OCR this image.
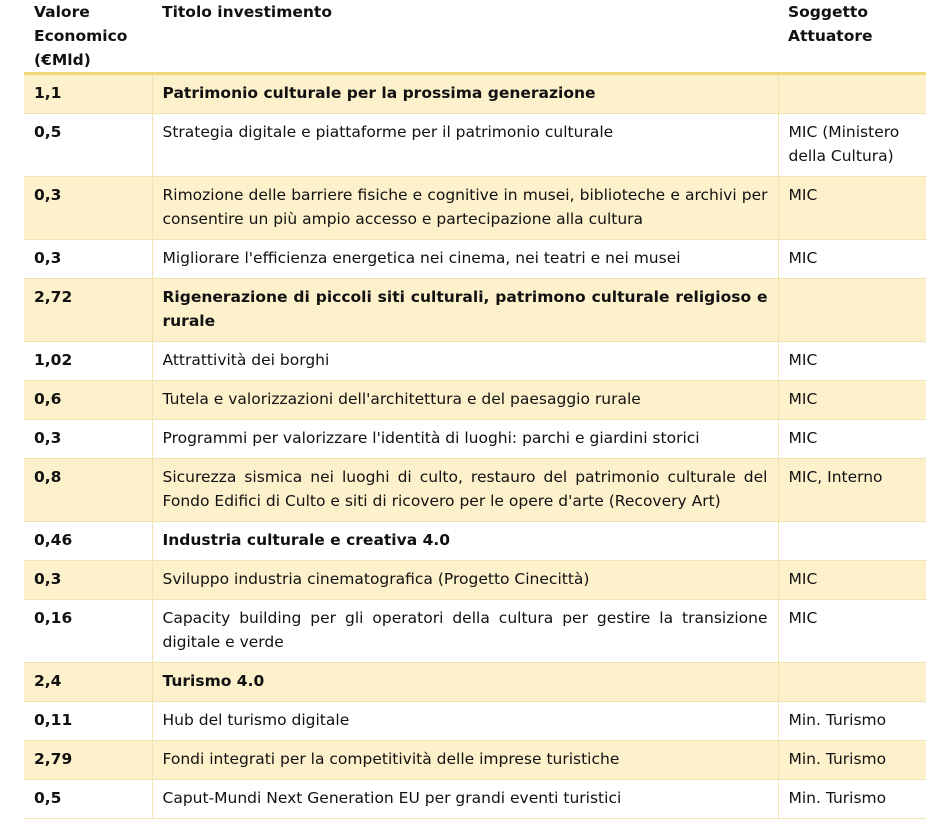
Valore Economico (€Mld)	Titolo investimento	Soggetto Attuatore
1,1	Patrimonio culturale per la prossima generazione	
0,5	Strategia digitale e piattaforme per il patrimonio culturale	MIC (Ministero della Cultura)
0,3	Rimozione delle barriere fisiche e cognitive in musei, biblioteche e archivi per consentire un più ampio accesso e partecipazione alla cultura	MIC
0,3	Migliorare l'efficienza energetica nei cinema, nei teatri e nei musei	MIC
2,72	Rigenerazione di piccoli siti culturali, patrimono culturale religioso e rurale	
1,02	Attrattività dei borghi	MIC
0,6	Tutela e valorizzazioni dell'architettura e del paesaggio rurale	MIC
0,3	Programmi per valorizzare l'identità di luoghi: parchi e giardini storici	MIC
0,8	Sicurezza sismica nei luoghi di culto, restauro del patrimonio culturale del Fondo Edifici di Culto e siti di ricovero per le opere d'arte (Recovery Art)	MIC, Interno
0,46	Industria culturale e creativa 4.0	
0,3	Sviluppo industria cinematografica (Progetto Cinecittà)	MIC
0,16	Capacity building per gli operatori della cultura per gestire la transizione digitale e verde	MIC
2,4	Turismo 4.0	
0,11	Hub del turismo digitale	Min. Turismo
2,79	Fondi integrati per la competitività delle imprese turistiche	Min. Turismo
0,5	Caput-Mundi Next Generation EU per grandi eventi turistici	Min. Turismo
